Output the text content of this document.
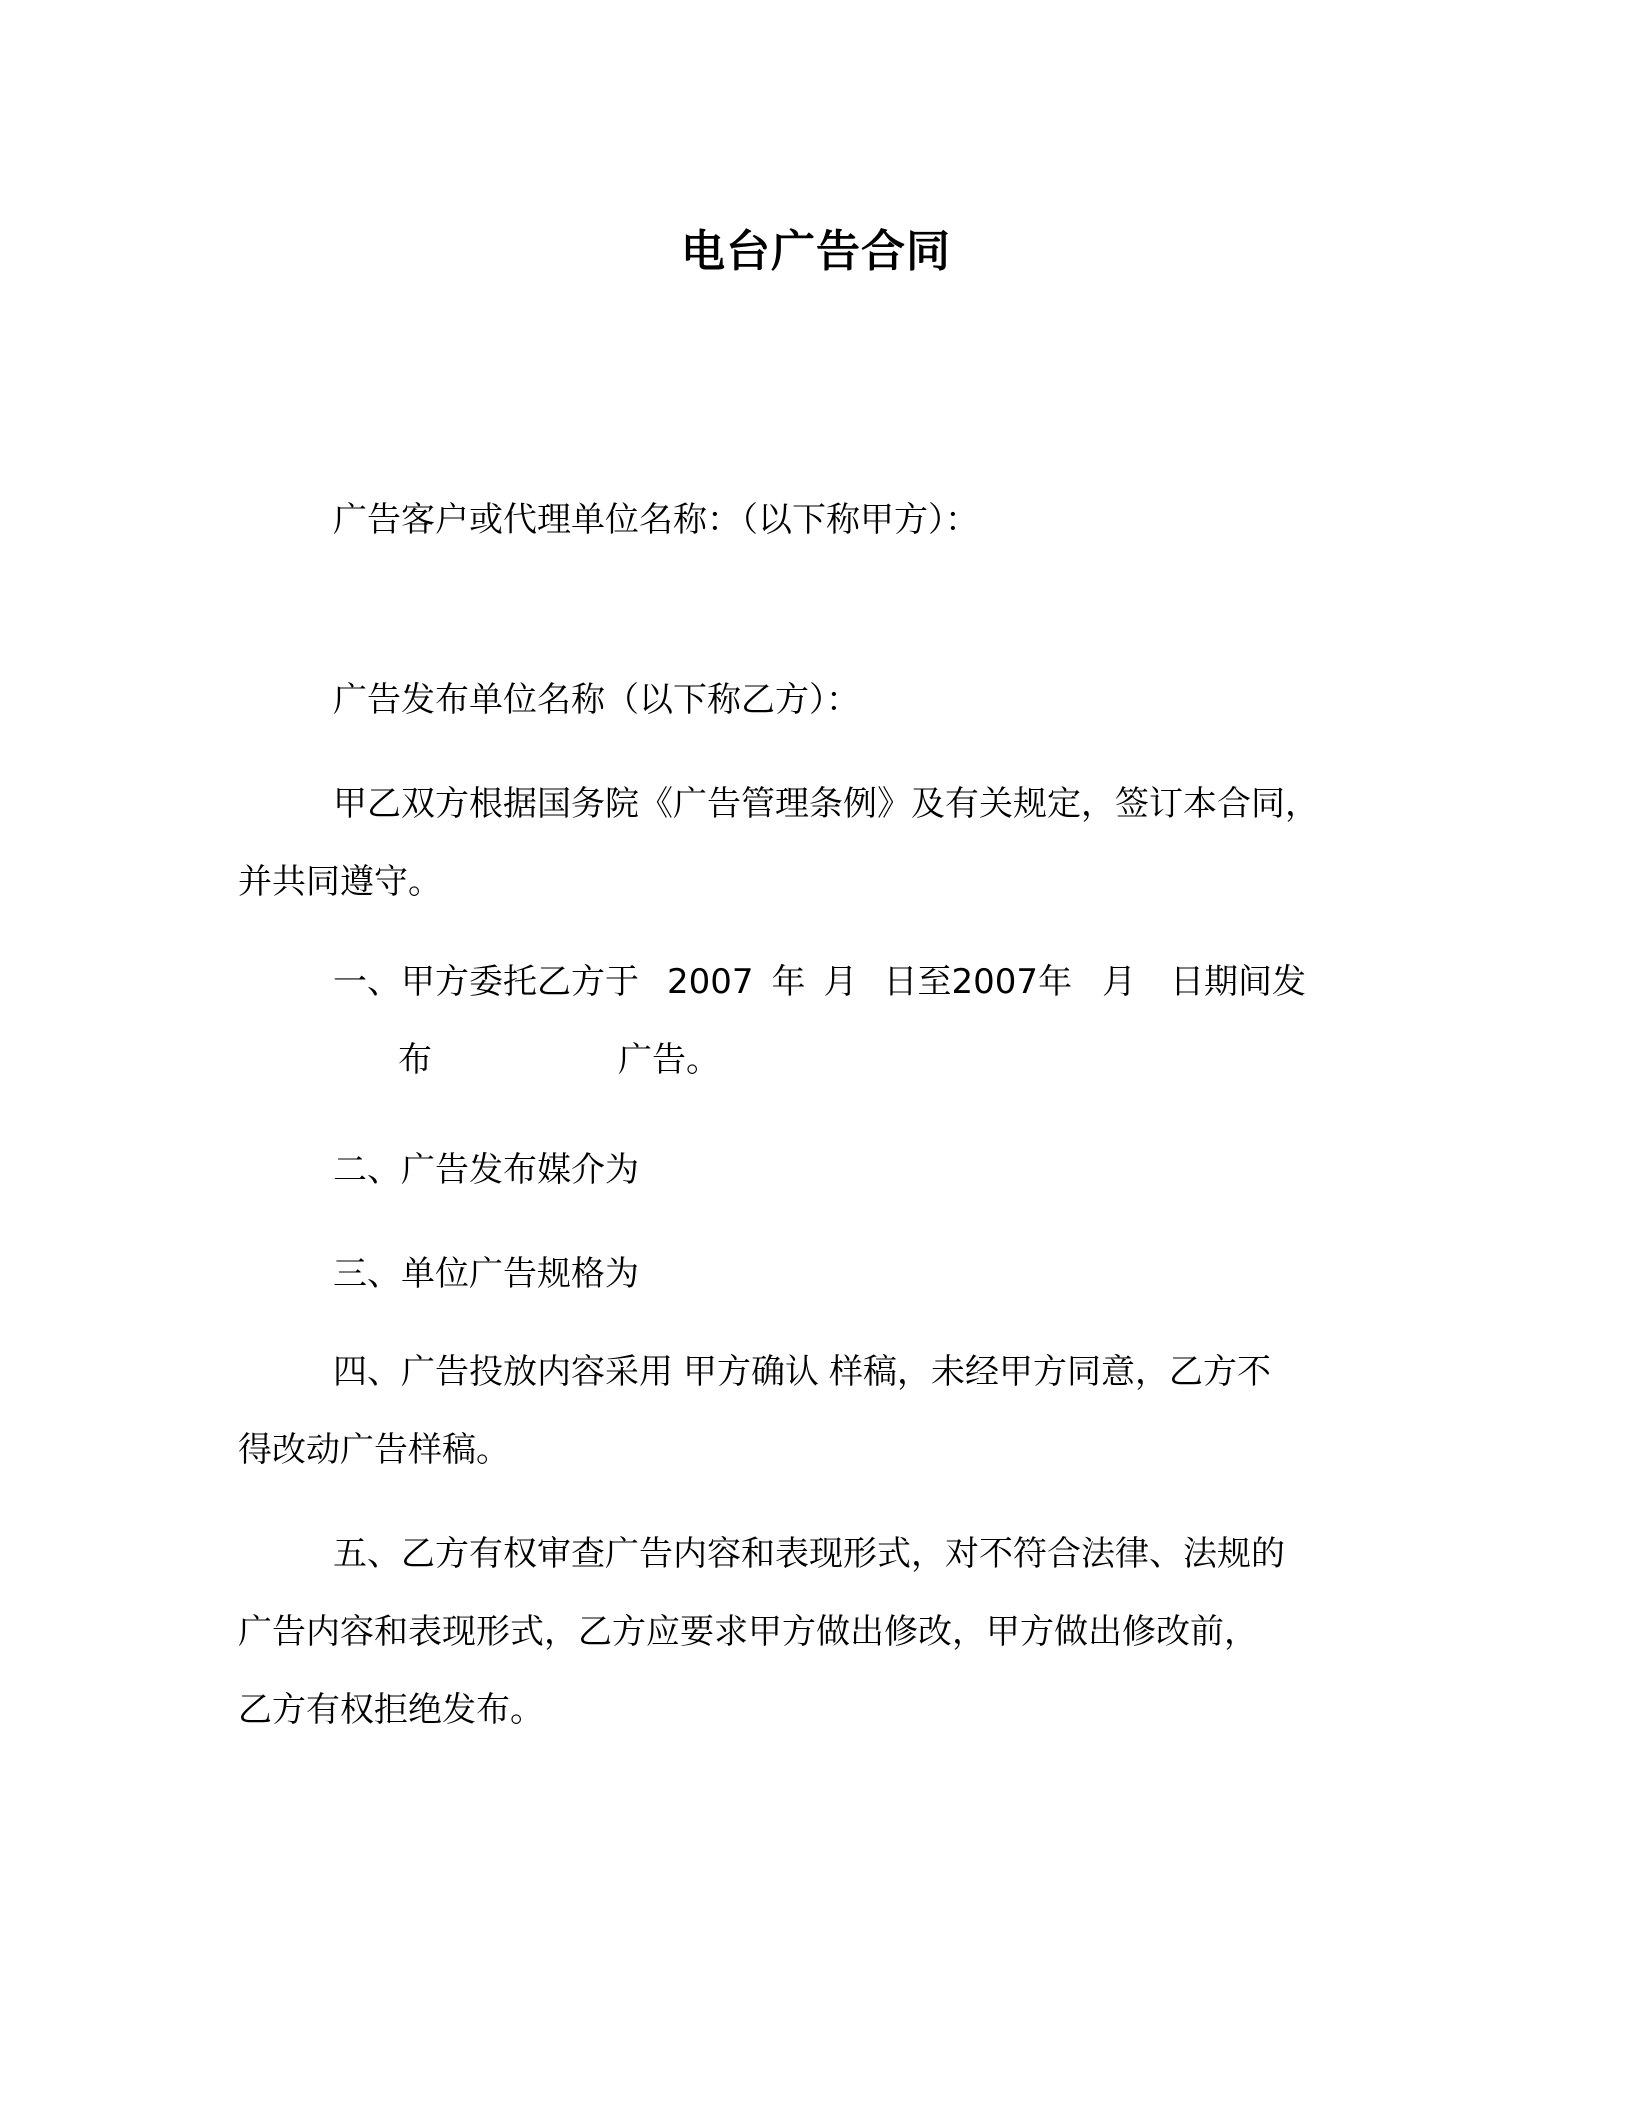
电台广告合同
广告客户或代理单位名称：（以下称甲方）：
广告发布单位名称（以下称乙方）：
甲乙双方根据国务院《广告管理条例》及有关规定，签订本合同，
并共同遵守。
一、甲方委托乙方于 2007 年 月 日至2007年 月 日期间发
布	广告。
二、广告发布媒介为
三、单位广告规格为
四、广告投放内容采用 甲方确认 样稿，未经甲方同意，乙方不
得改动广告样稿。
五、乙方有权审查广告内容和表现形式，对不符合法律、法规的
广告内容和表现形式，乙方应要求甲方做出修改，甲方做出修改前，
乙方有权拒绝发布。
